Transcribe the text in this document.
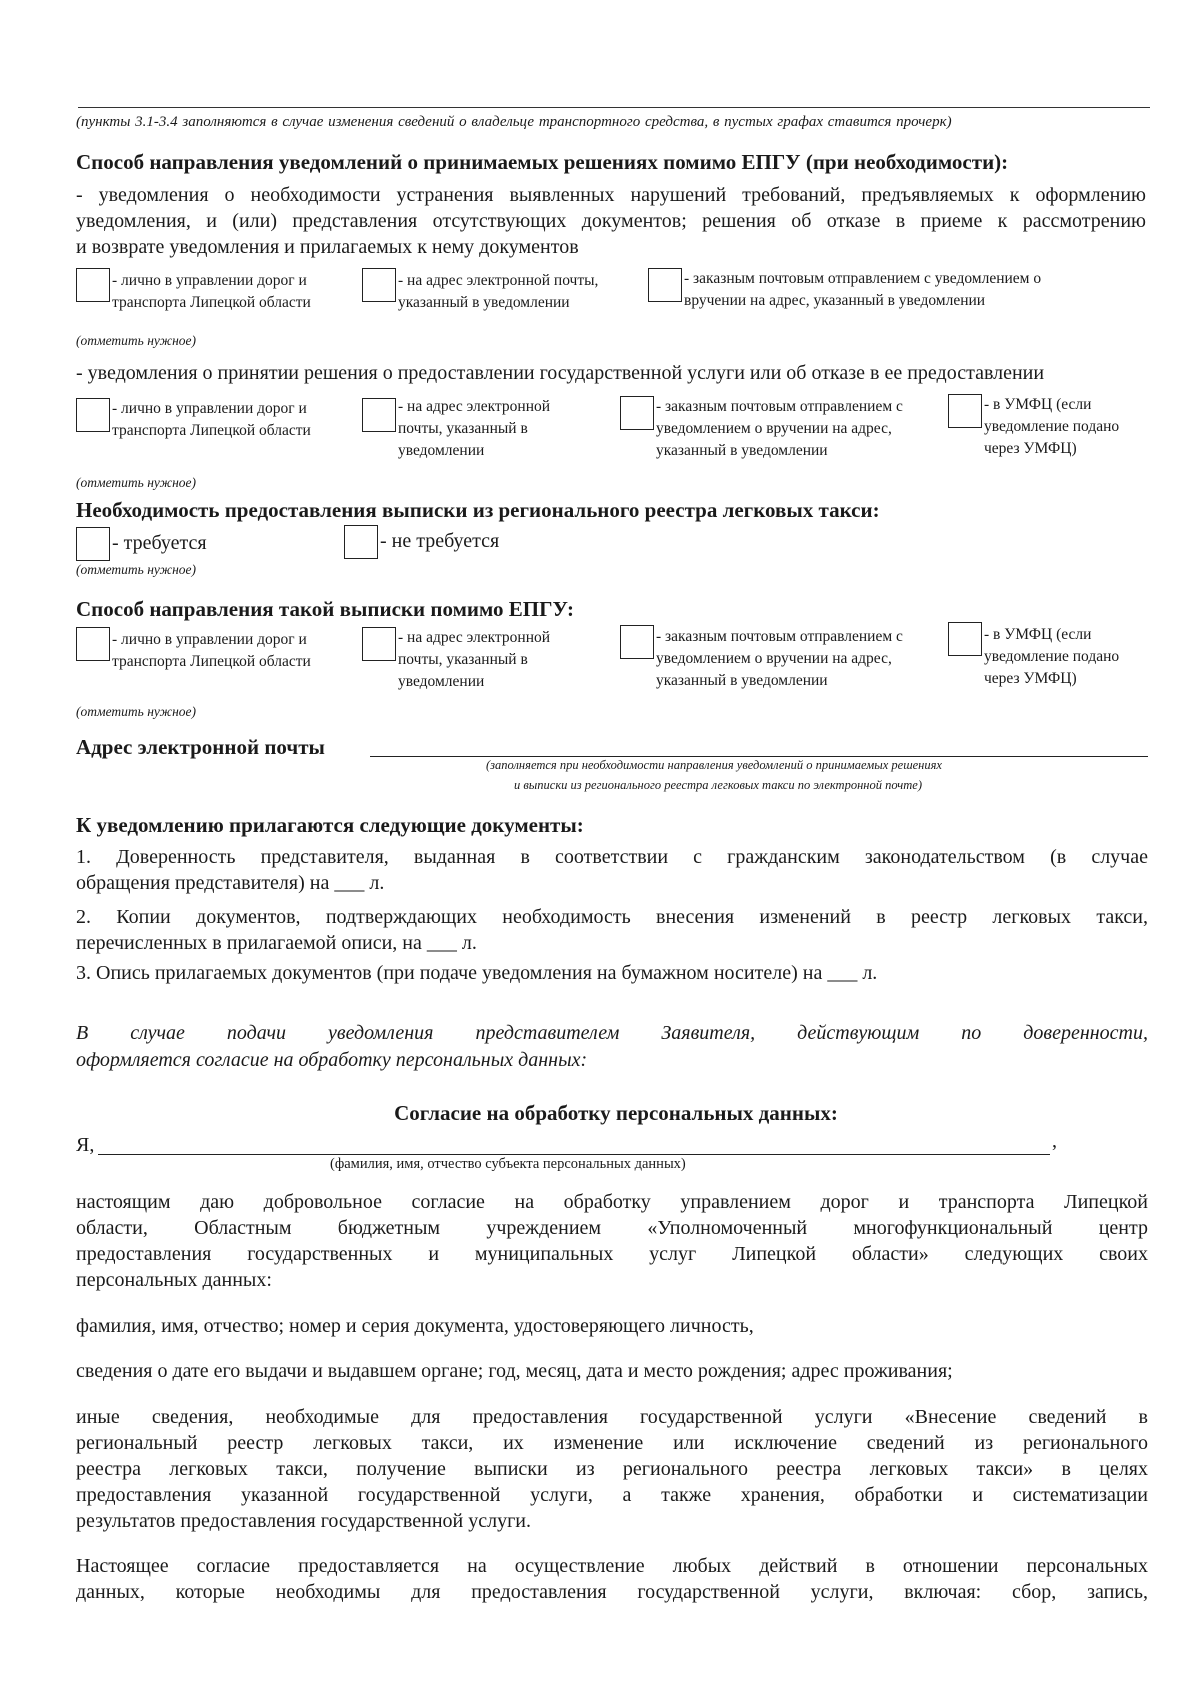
(пункты 3.1-3.4 заполняются в случае изменения сведений о владельце транспортного средства, в пустых графах ставится прочерк)
Способ направления уведомлений о принимаемых решениях помимо ЕПГУ (при необходимости):
- уведомления о необходимости устранения выявленных нарушений требований, предъявляемых к оформлению
уведомления, и (или) представления отсутствующих документов; решения об отказе в приеме к рассмотрению
и возврате уведомления и прилагаемых к нему документов
- лично в управлении дорог и
транспорта Липецкой области
- на адрес электронной почты,
указанный в уведомлении
- заказным почтовым отправлением с уведомлением о
вручении на адрес, указанный в уведомлении
(отметить нужное)
- уведомления о принятии решения о предоставлении государственной услуги или об отказе в ее предоставлении
- лично в управлении дорог и
транспорта Липецкой области
- на адрес электронной
почты, указанный в
уведомлении
- заказным почтовым отправлением с
уведомлением о вручении на адрес,
указанный в уведомлении
- в УМФЦ (если
уведомление подано
через УМФЦ)
(отметить нужное)
Необходимость предоставления выписки из регионального реестра легковых такси:
- требуется	- не требуется
(отметить нужное)
Способ направления такой выписки помимо ЕПГУ:
- лично в управлении дорог и
транспорта Липецкой области
- на адрес электронной
почты, указанный в
уведомлении
- заказным почтовым отправлением с
уведомлением о вручении на адрес,
указанный в уведомлении
- в УМФЦ (если
уведомление подано
через УМФЦ)
(отметить нужное)
Адрес электронной почты
(заполняется при необходимости направления уведомлений о принимаемых решениях
и выписки из регионального реестра легковых такси по электронной почте)
К уведомлению прилагаются следующие документы:
1. Доверенность представителя, выданная в соответствии с гражданским законодательством (в случае
обращения представителя) на ___ л.
2. Копии документов, подтверждающих необходимость внесения изменений в реестр легковых такси,
перечисленных в прилагаемой описи, на ___ л.
3. Опись прилагаемых документов (при подаче уведомления на бумажном носителе) на ___ л.
В случае подачи уведомления представителем Заявителя, действующим по доверенности,
оформляется согласие на обработку персональных данных:
Согласие на обработку персональных данных:
Я,	,
(фамилия, имя, отчество субъекта персональных данных)
настоящим даю добровольное согласие на обработку управлением дорог и транспорта Липецкой
области, Областным бюджетным учреждением «Уполномоченный многофункциональный центр
предоставления государственных и муниципальных услуг Липецкой области» следующих своих
персональных данных:
фамилия, имя, отчество; номер и серия документа, удостоверяющего личность,
сведения о дате его выдачи и выдавшем органе; год, месяц, дата и место рождения; адрес проживания;
иные сведения, необходимые для предоставления государственной услуги «Внесение сведений в
региональный реестр легковых такси, их изменение или исключение сведений из регионального
реестра легковых такси, получение выписки из регионального реестра легковых такси» в целях
предоставления указанной государственной услуги, а также хранения, обработки и систематизации
результатов предоставления государственной услуги.
Настоящее согласие предоставляется на осуществление любых действий в отношении персональных
данных, которые необходимы для предоставления государственной услуги, включая: сбор, запись,
